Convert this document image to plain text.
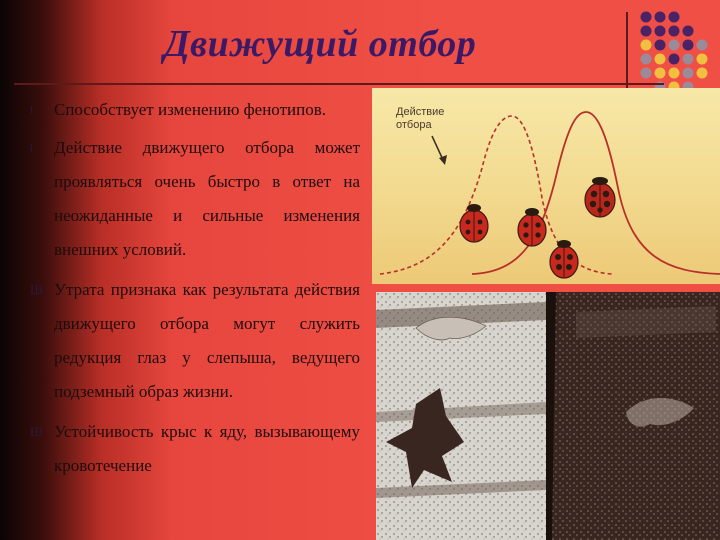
Движущий отбор
l Способствует изменению фенотипов.
l Действие движущего отбора может проявляться очень быстро в ответ на неожиданные и сильные изменения внешних условий.
Ш Утрата признака как результата действия движущего отбора могут служить редукция глаз у слепыша, ведущего подземный образ жизни.
Ш Устойчивость крыс к яду, вызывающему кровотечение
Действие
отбора
